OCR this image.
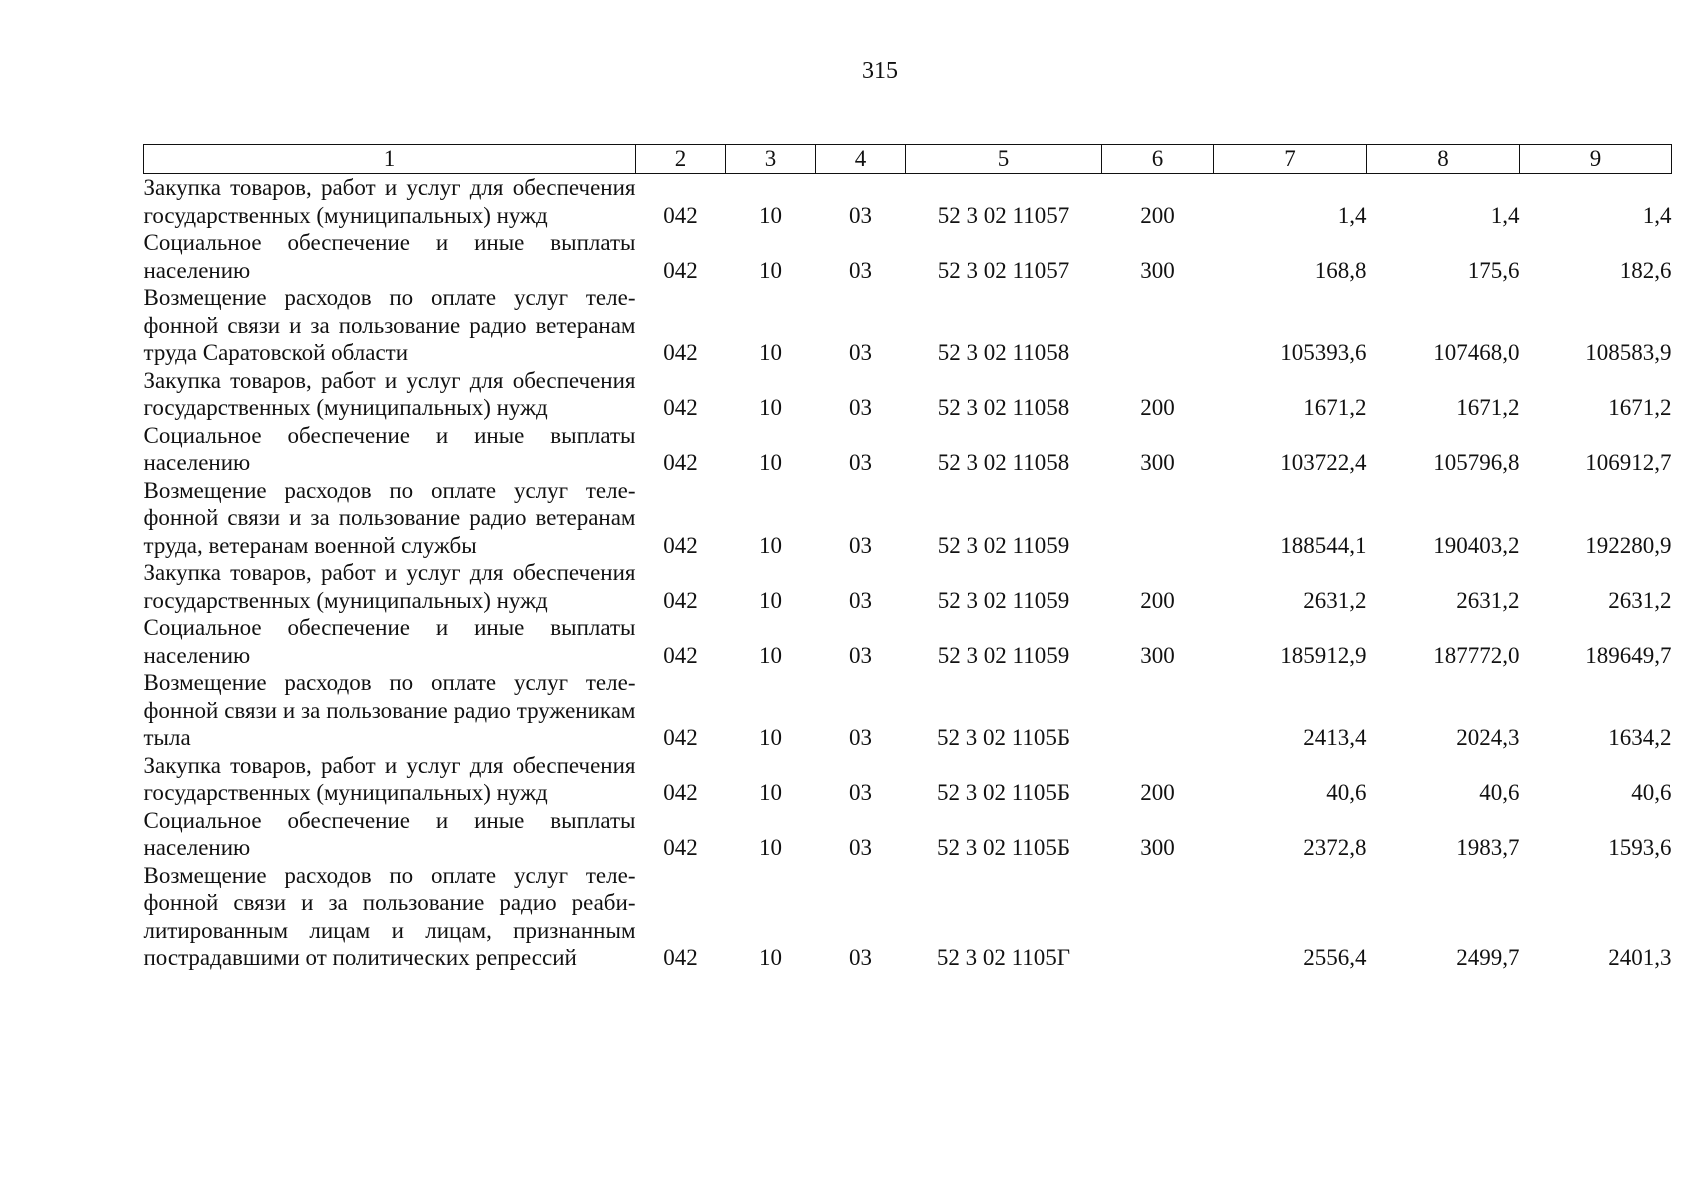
315
1	2	3	4	5	6	7	8	9
Закупка товаров, работ и услуг для обеспечения государственных (муниципальных) нужд	042	10	03	52 3 02 11057	200	1,4	1,4	1,4
Социальное обеспечение и иные выплаты населению	042	10	03	52 3 02 11057	300	168,8	175,6	182,6
Возмещение расходов по оплате услуг телефонной связи и за пользование радио ветеранам труда Саратовской области	042	10	03	52 3 02 11058		105393,6	107468,0	108583,9
Закупка товаров, работ и услуг для обеспечения государственных (муниципальных) нужд	042	10	03	52 3 02 11058	200	1671,2	1671,2	1671,2
Социальное обеспечение и иные выплаты населению	042	10	03	52 3 02 11058	300	103722,4	105796,8	106912,7
Возмещение расходов по оплате услуг телефонной связи и за пользование радио ветеранам труда, ветеранам военной службы	042	10	03	52 3 02 11059		188544,1	190403,2	192280,9
Закупка товаров, работ и услуг для обеспечения государственных (муниципальных) нужд	042	10	03	52 3 02 11059	200	2631,2	2631,2	2631,2
Социальное обеспечение и иные выплаты населению	042	10	03	52 3 02 11059	300	185912,9	187772,0	189649,7
Возмещение расходов по оплате услуг телефонной связи и за пользование радио труженикам тыла	042	10	03	52 3 02 1105Б		2413,4	2024,3	1634,2
Закупка товаров, работ и услуг для обеспечения государственных (муниципальных) нужд	042	10	03	52 3 02 1105Б	200	40,6	40,6	40,6
Социальное обеспечение и иные выплаты населению	042	10	03	52 3 02 1105Б	300	2372,8	1983,7	1593,6
Возмещение расходов по оплате услуг телефонной связи и за пользование радио реабилитированным лицам и лицам, признанным пострадавшими от политических репрессий	042	10	03	52 3 02 1105Г		2556,4	2499,7	2401,3
